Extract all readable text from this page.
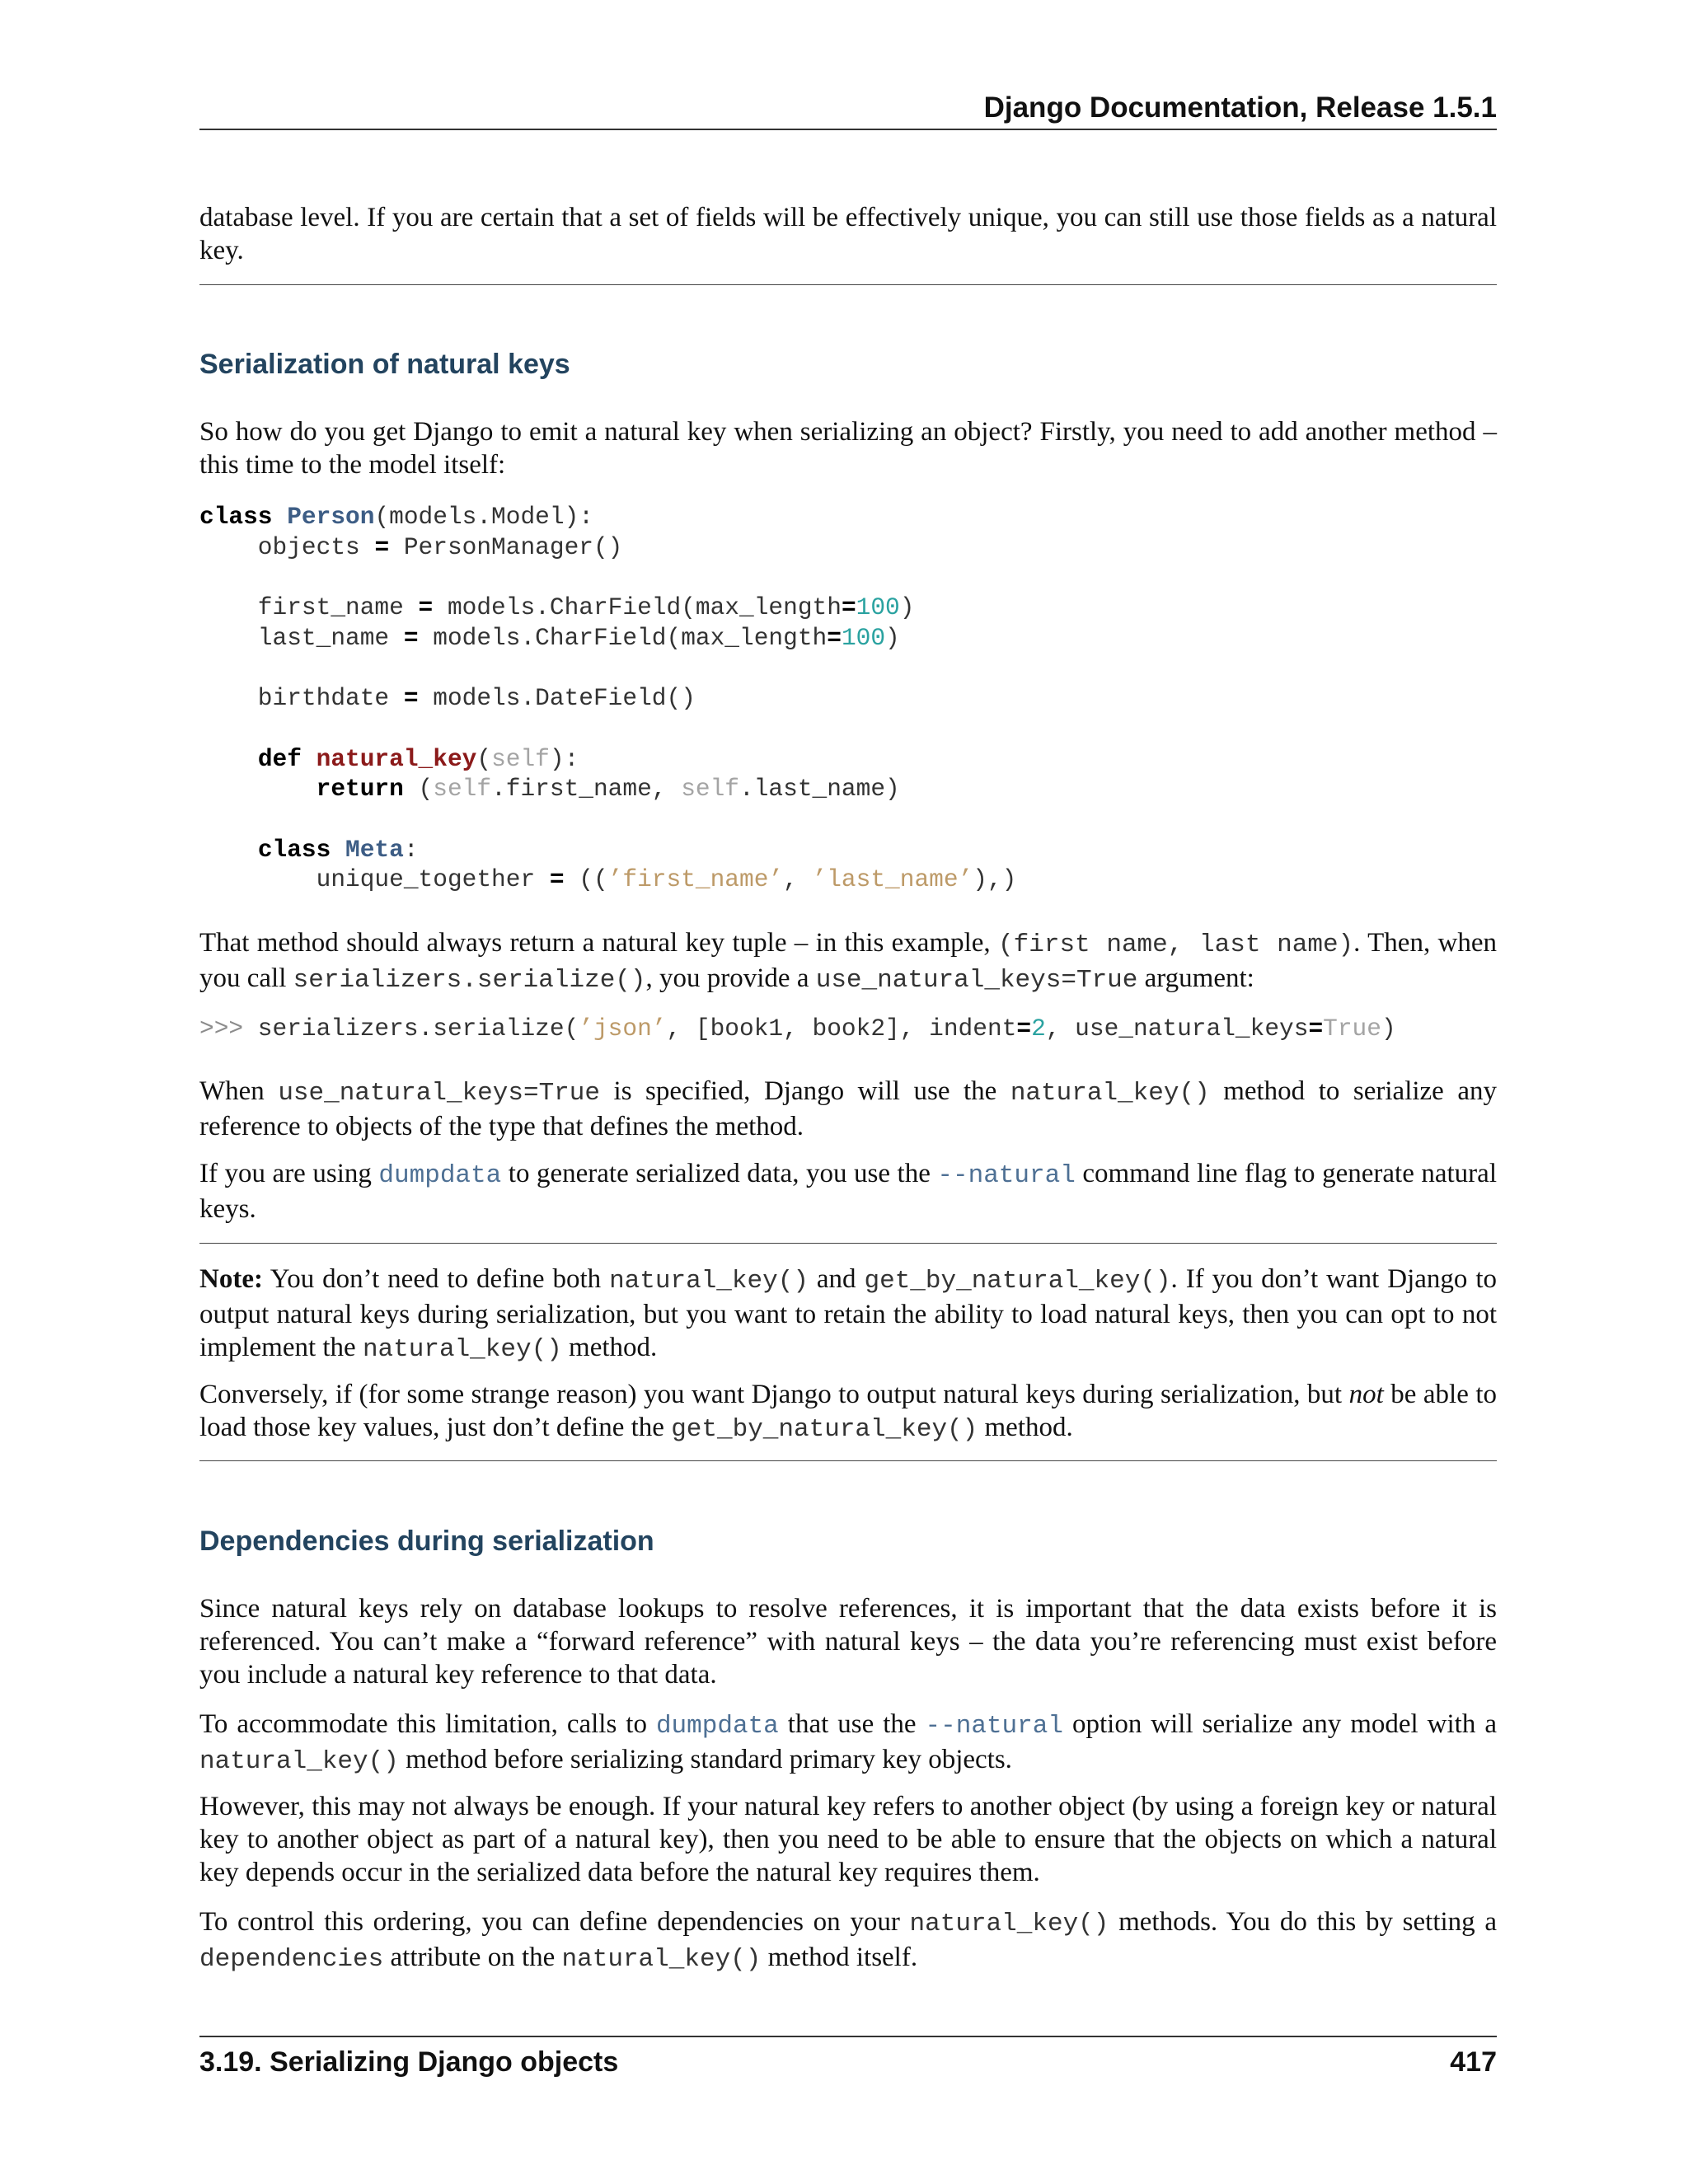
Django Documentation, Release 1.5.1

database level. If you are certain that a set of fields will be effectively unique, you can still use those fields as a natural key.

Serialization of natural keys

So how do you get Django to emit a natural key when serializing an object? Firstly, you need to add another method – this time to the model itself:

class Person(models.Model):
objects = PersonManager()

first_name = models.CharField(max_length=100)
last_name = models.CharField(max_length=100)

birthdate = models.DateField()

def natural_key(self):
return (self.first_name, self.last_name)

class Meta:
unique_together = ((’first_name’, ’last_name’),)

That method should always return a natural key tuple – in this example, (first name, last name). Then, when you call serializers.serialize(), you provide a use_natural_keys=True argument:

>>> serializers.serialize(’json’, [book1, book2], indent=2, use_natural_keys=True)

When use_natural_keys=True is specified, Django will use the natural_key() method to serialize any reference to objects of the type that defines the method.

If you are using dumpdata to generate serialized data, you use the --natural command line flag to generate natural keys.

Note: You don’t need to define both natural_key() and get_by_natural_key(). If you don’t want Django to output natural keys during serialization, but you want to retain the ability to load natural keys, then you can opt to not implement the natural_key() method.

Conversely, if (for some strange reason) you want Django to output natural keys during serialization, but not be able to load those key values, just don’t define the get_by_natural_key() method.

Dependencies during serialization

Since natural keys rely on database lookups to resolve references, it is important that the data exists before it is referenced. You can’t make a “forward reference” with natural keys – the data you’re referencing must exist before you include a natural key reference to that data.

To accommodate this limitation, calls to dumpdata that use the --natural option will serialize any model with a natural_key() method before serializing standard primary key objects.

However, this may not always be enough. If your natural key refers to another object (by using a foreign key or natural key to another object as part of a natural key), then you need to be able to ensure that the objects on which a natural key depends occur in the serialized data before the natural key requires them.

To control this ordering, you can define dependencies on your natural_key() methods. You do this by setting a dependencies attribute on the natural_key() method itself.

3.19. Serializing Django objects	417
